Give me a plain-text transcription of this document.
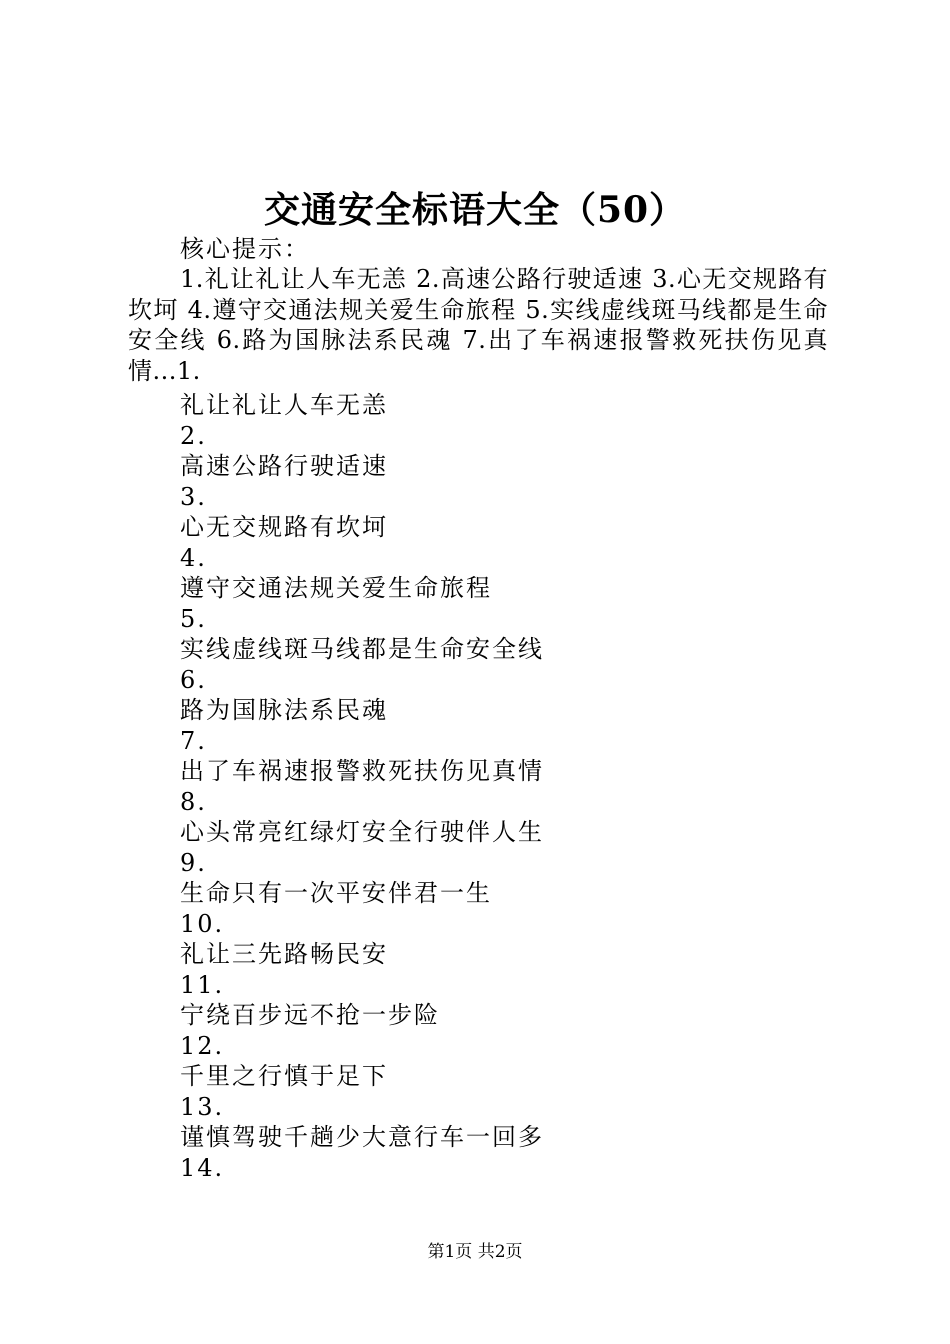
交通安全标语大全（50）
核心提示：

1.礼让礼让人车无恙 2.高速公路行驶适速 3.心无交规路有坎坷 4.遵守交通法规关爱生命旅程 5.实线虚线斑马线都是生命安全线 6.路为国脉法系民魂 7.出了车祸速报警救死扶伤见真情...1.

礼让礼让人车无恙
2.
高速公路行驶适速
3.
心无交规路有坎坷
4.
遵守交通法规关爱生命旅程
5.
实线虚线斑马线都是生命安全线
6.
路为国脉法系民魂
7.
出了车祸速报警救死扶伤见真情
8.
心头常亮红绿灯安全行驶伴人生
9.
生命只有一次平安伴君一生
10.
礼让三先路畅民安
11.
宁绕百步远不抢一步险
12.
千里之行慎于足下
13.
谨慎驾驶千趟少大意行车一回多
14.
第1页 共2页
